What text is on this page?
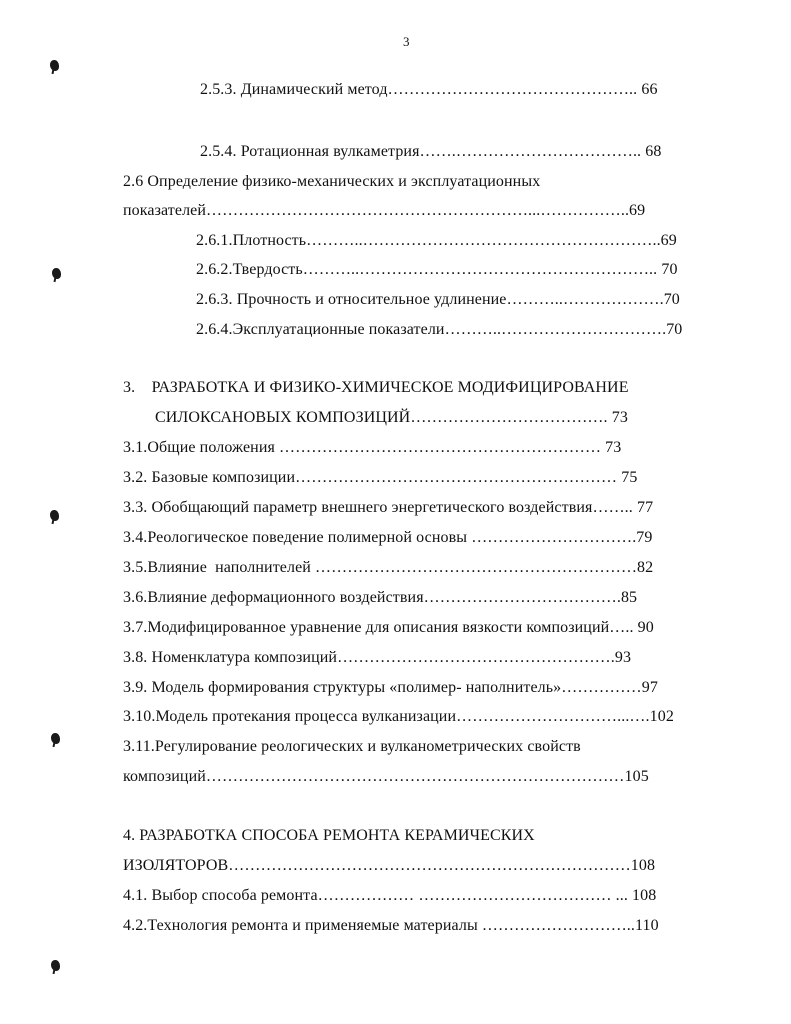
3
2.5.3. Динамический метод……………………………………….. 66
2.5.4. Ротационная вулкаметрия…….…………………………….. 68
2.6 Определение физико-механических и эксплуатационных
показателей……………………………………………………...……………..69
2.6.1.Плотность………..………………………………………………..69
2.6.2.Твердость………..……………………………………………….. 70
2.6.3. Прочность и относительное удлинение………..……………….70
2.6.4.Эксплуатационные показатели………..………………………….70
3.    РАЗРАБОТКА И ФИЗИКО-ХИМИЧЕСКОЕ МОДИФИЦИРОВАНИЕ
СИЛОКСАНОВЫХ КОМПОЗИЦИЙ………………………………. 73
3.1.Общие положения …………………………………………………… 73
3.2. Базовые композиции…………………………………………………… 75
3.3. Обобщающий параметр внешнего энергетического воздействия…….. 77
3.4.Реологическое поведение полимерной основы ………………………….79
3.5.Влияние  наполнителей ……………………………………………………82
3.6.Влияние деформационного воздействия……………………………….85
3.7.Модифицированное уравнение для описания вязкости композиций….. 90
3.8. Номенклатура композиций…………………………………………….93
3.9. Модель формирования структуры «полимер- наполнитель»……………97
3.10.Модель протекания процесса вулканизации…………………………...….102
3.11.Регулирование реологических и вулканометрических свойств
композиций……………………………………………………………………105
4. РАЗРАБОТКА СПОСОБА РЕМОНТА КЕРАМИЧЕСКИХ
ИЗОЛЯТОРОВ…………………………………………………………………108
4.1. Выбор способа ремонта……………… ……………………………… ... 108
4.2.Технология ремонта и применяемые материалы ………………………..110
